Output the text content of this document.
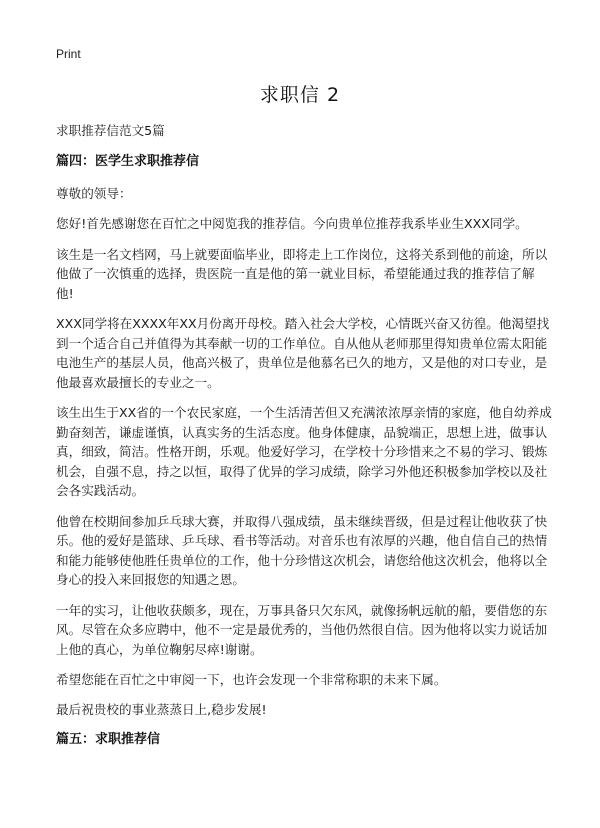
Print
求职信 2

求职推荐信范文5篇

篇四：医学生求职推荐信

尊敬的领导：

您好!首先感谢您在百忙之中阅览我的推荐信。今向贵单位推荐我系毕业生XXX同学。

该生是一名文档网，马上就要面临毕业，即将走上工作岗位，这将关系到他的前途，所以他做了一次慎重的选择，贵医院一直是他的第一就业目标，希望能通过我的推荐信了解他!

XXX同学将在XXXX年XX月份离开母校。踏入社会大学校，心情既兴奋又彷徨。他渴望找到一个适合自己并值得为其奉献一切的工作单位。自从他从老师那里得知贵单位需太阳能电池生产的基层人员，他高兴极了，贵单位是他慕名已久的地方，又是他的对口专业，是他最喜欢最擅长的专业之一。

该生出生于XX省的一个农民家庭，一个生活清苦但又充满浓浓厚亲情的家庭，他自幼养成勤奋刻苦，谦虚谨慎，认真实务的生活态度。他身体健康，品貌端正，思想上进，做事认真，细致，简洁。性格开朗，乐观。他爱好学习，在学校十分珍惜来之不易的学习、锻炼机会，自强不息，持之以恒，取得了优异的学习成绩，除学习外他还积极参加学校以及社会各实践活动。

他曾在校期间参加乒乓球大赛，并取得八强成绩，虽未继续晋级，但是过程让他收获了快乐。他的爱好是篮球、乒乓球、看书等活动。对音乐也有浓厚的兴趣，他自信自己的热情和能力能够使他胜任贵单位的工作，他十分珍惜这次机会，请您给他这次机会，他将以全身心的投入来回报您的知遇之恩。

一年的实习，让他收获颇多，现在，万事具备只欠东风，就像扬帆远航的船，要借您的东风。尽管在众多应聘中，他不一定是最优秀的，当他仍然很自信。因为他将以实力说话加上他的真心，为单位鞠躬尽瘁!谢谢。

希望您能在百忙之中审阅一下，也许会发现一个非常称职的未来下属。

最后祝贵校的事业蒸蒸日上,稳步发展!

篇五：求职推荐信
